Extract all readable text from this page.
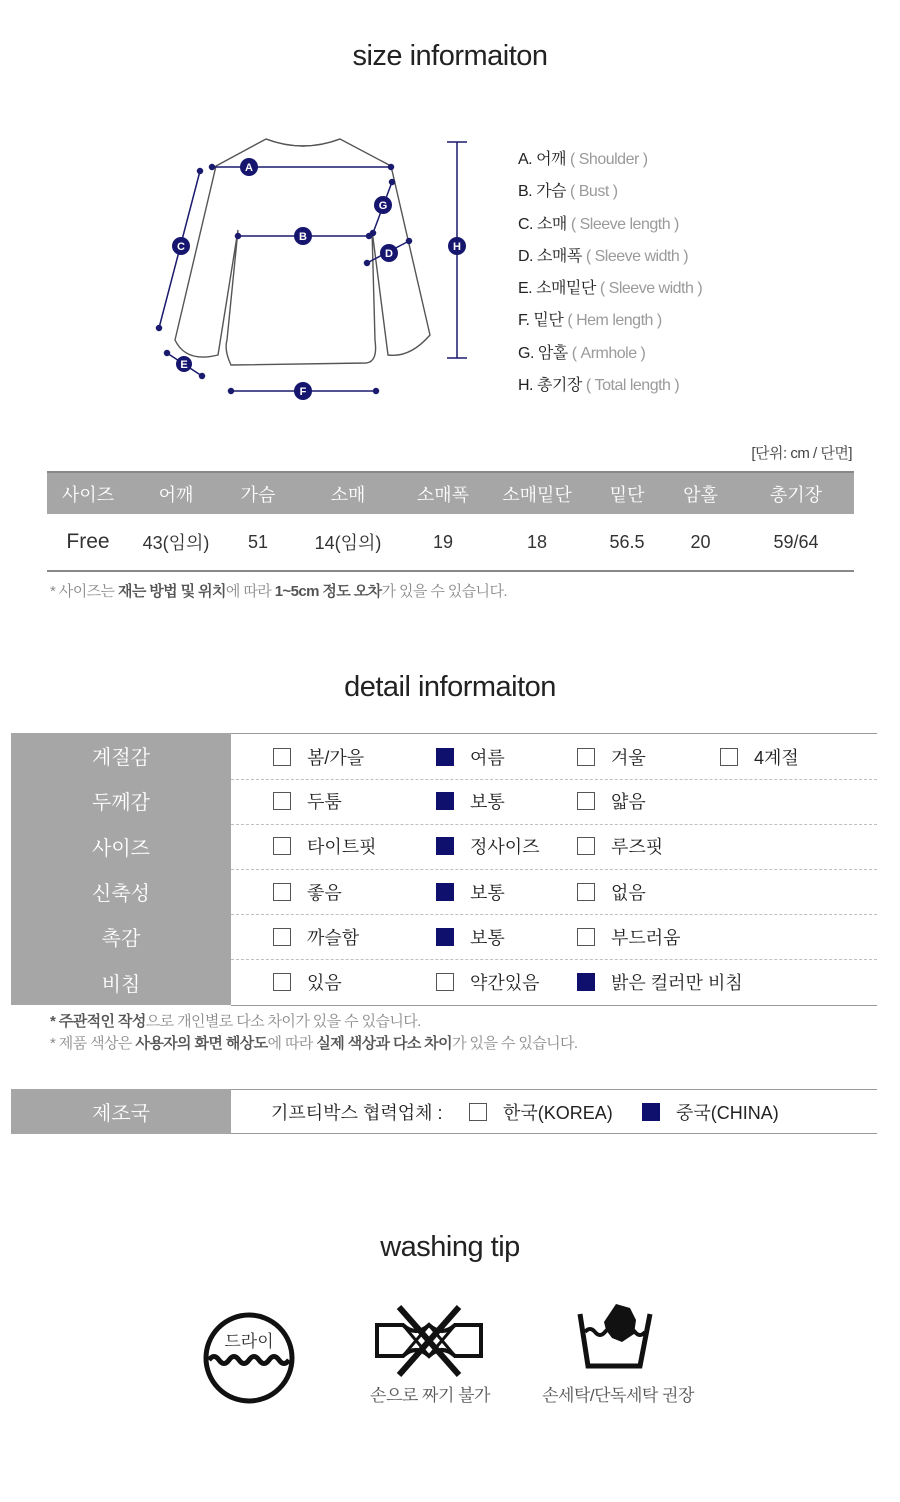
size informaiton
A
B
C
D
E
F
G
H
A. 어깨 ( Shoulder )
B. 가슴 ( Bust )
C. 소매 ( Sleeve length )
D. 소매폭 ( Sleeve width )
E. 소매밑단 ( Sleeve width )
F. 밑단 ( Hem length )
G. 암홀 ( Armhole )
H. 총기장 ( Total length )
[단위: cm / 단면]
사이즈	어깨	가슴	소매	소매폭	소매밑단	밑단	암홀	총기장
Free	43(임의)	51	14(임의)	19	18	56.5	20	59/64
* 사이즈는 재는 방법 및 위치에 따라 1~5cm 정도 오차가 있을 수 있습니다.
detail informaiton
계절감	봄/가을	여름	겨울	4계절
두께감	두툼	보통	얇음
사이즈	타이트핏	정사이즈	루즈핏
신축성	좋음	보통	없음
촉감	까슬함	보통	부드러움
비침	있음	약간있음	밝은 컬러만 비침
* 주관적인 작성으로 개인별로 다소 차이가 있을 수 있습니다.
* 제품 색상은 사용자의 화면 해상도에 따라 실제 색상과 다소 차이가 있을 수 있습니다.
제조국	기프티박스 협력업체 :	한국(KOREA)	중국(CHINA)
washing tip
드라이
손으로 짜기 불가	손세탁/단독세탁 권장
